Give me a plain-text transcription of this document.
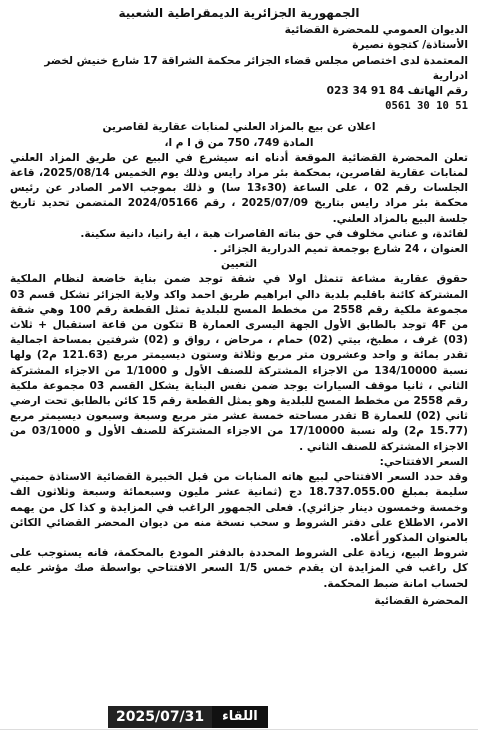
الجمهورية الجزائرية الديمقراطية الشعبية
الديوان العمومي للمحضرة القضائية
الأستاذة/ كتجوة نصيرة
المعتمدة لدى اختصاص مجلس قضاء الجزائر محكمة الشراقة 17 شارع خنيش لخضر ادرارية
رقم الهاتف 84 91 34 023
0561 30 10 51
اعلان عن بيع بالمزاد العلني لمنابات عقارية لقاصرين
المادة 749، 750 من ق ا م ا،
تعلن المحضرة القضائية الموقعة أدناه انه سيشرع في البيع عن طريق المزاد العلني لمنابات عقارية لقاصرين، بمحكمة بئر مراد رايس وذلك يوم الخميس 2025/08/14، قاعة الجلسات رقم 02 ، على الساعة (30ء13 سا) و ذلك بموجب الامر الصادر عن رئيس محكمة بئر مراد رايس بتاريخ 2025/07/09 ، رقم 2024/05166 المتضمن تحديد تاريخ جلسة البيع بالمزاد العلني.
لفائدة، و عناني مخلوف في حق بناته القاصرات هبة ، اية رانيا، دانية سكينة.
العنوان ، 24 شارع بوجمعة تميم الدرارية الجزائر .
التعيين
حقوق عقارية مشاعة تتمثل اولا في شقة توجد ضمن بناية خاضعة لنظام الملكية المشتركة كائنة باقليم بلدية دالي ابراهيم طريق احمد واكد ولاية الجزائر تشكل قسم 03 مجموعة ملكية رقم 2558 من مخطط المسح للبلدية تمثل القطعة رقم 100 وهي شقة من 4F توجد بالطابق الأول الجهة اليسرى العمارة B تتكون من قاعة استقبال + ثلاث (03) غرف ، مطبخ، بيتي (02) حمام ، مرحاض ، رواق و (02) شرفتين بمساحة اجمالية تقدر بمائة و واحد وعشرون متر مربع وثلاثة وستون ديسيمتر مربع (121.63 م2) ولها نسبة 134/10000 من الاجزاء المشتركة للصنف الأول و 1/1000 من الاجزاء المشتركة الثاني ، ثانيا موقف السيارات يوجد ضمن نفس البناية يشكل القسم 03 مجموعة ملكية رقم 2558 من مخطط المسح للبلدية وهو يمثل القطعة رقم 15 كائن بالطابق تحت ارضي ثاني (02) للعمارة B تقدر مساحته خمسة عشر متر مربع وسبعة وسبعون ديسيمتر مربع (15.77 م2) وله نسبة 17/10000 من الاجزاء المشتركة للصنف الأول و 03/1000 من الاجزاء المشتركة للصنف الثاني .
السعر الافتتاحي:
وقد حدد السعر الافتتاحي لبيع هاته المنابات من قبل الخبيرة القضائية الاستاذة حميني سليمة بمبلغ 18.737.055.00 دج (ثمانية عشر مليون وسبعمائة وسبعة وثلاثون الف وخمسة وخمسون دينار جزائري). فعلى الجمهور الراغب في المزايدة و كذا كل من يهمه الامر، الاطلاع على دفتر الشروط و سحب نسخة منه من ديوان المحضر القضائي الكائن بالعنوان المذكور أعلاه.
شروط البيع، زيادة على الشروط المحددة بالدفتر المودع بالمحكمة، فانه يستوجب على كل راغب في المزايدة ان يقدم خمس 1/5 السعر الافتتاحي بواسطة صك مؤشر عليه لحساب امانة ضبط المحكمة.
المحضرة القضائية
2025/07/31	اللقاء
